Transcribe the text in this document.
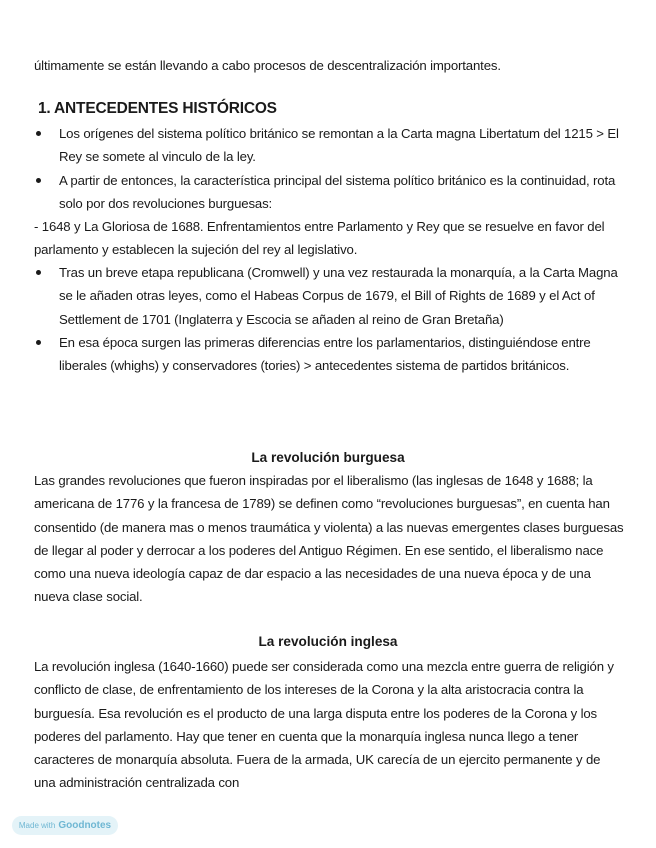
últimamente se están llevando a cabo procesos de descentralización importantes.

1. ANTECEDENTES HISTÓRICOS
Los orígenes del sistema político británico se remontan a la Carta magna Libertatum del 1215 > El Rey se somete al vinculo de la ley.
A partir de entonces, la característica principal del sistema político británico es la continuidad, rota solo por dos revoluciones burguesas:

- 1648 y La Gloriosa de 1688. Enfrentamientos entre Parlamento y Rey que se resuelve en favor del parlamento y establecen la sujeción del rey al legislativo.

Tras un breve etapa republicana (Cromwell) y una vez restaurada la monarquía, a la Carta Magna se le añaden otras leyes, como el Habeas Corpus de 1679, el Bill of Rights de 1689 y el Act of Settlement de 1701 (Inglaterra y Escocia se añaden al reino de Gran Bretaña)
En esa época surgen las primeras diferencias entre los parlamentarios, distinguiéndose entre liberales (whighs) y conservadores (tories) > antecedentes sistema de partidos británicos.
La revolución burguesa

Las grandes revoluciones que fueron inspiradas por el liberalismo (las inglesas de 1648 y 1688; la americana de 1776 y la francesa de 1789) se definen como “revoluciones burguesas”, en cuenta han consentido (de manera mas o menos traumática y violenta) a las nuevas emergentes clases burguesas de llegar al poder y derrocar a los poderes del Antiguo Régimen. En ese sentido, el liberalismo nace como una nueva ideología capaz de dar espacio a las necesidades de una nueva época y de una nueva clase social.

La revolución inglesa

La revolución inglesa (1640-1660) puede ser considerada como una mezcla entre guerra de religión y conflicto de clase, de enfrentamiento de los intereses de la Corona y la alta aristocracia contra la burguesía. Esa revolución es el producto de una larga disputa entre los poderes de la Corona y los poderes del parlamento. Hay que tener en cuenta que la monarquía inglesa nunca llego a tener caracteres de monarquía absoluta. Fuera de la armada, UK carecía de un ejercito permanente y de una administración centralizada con

Made with Goodnotes
